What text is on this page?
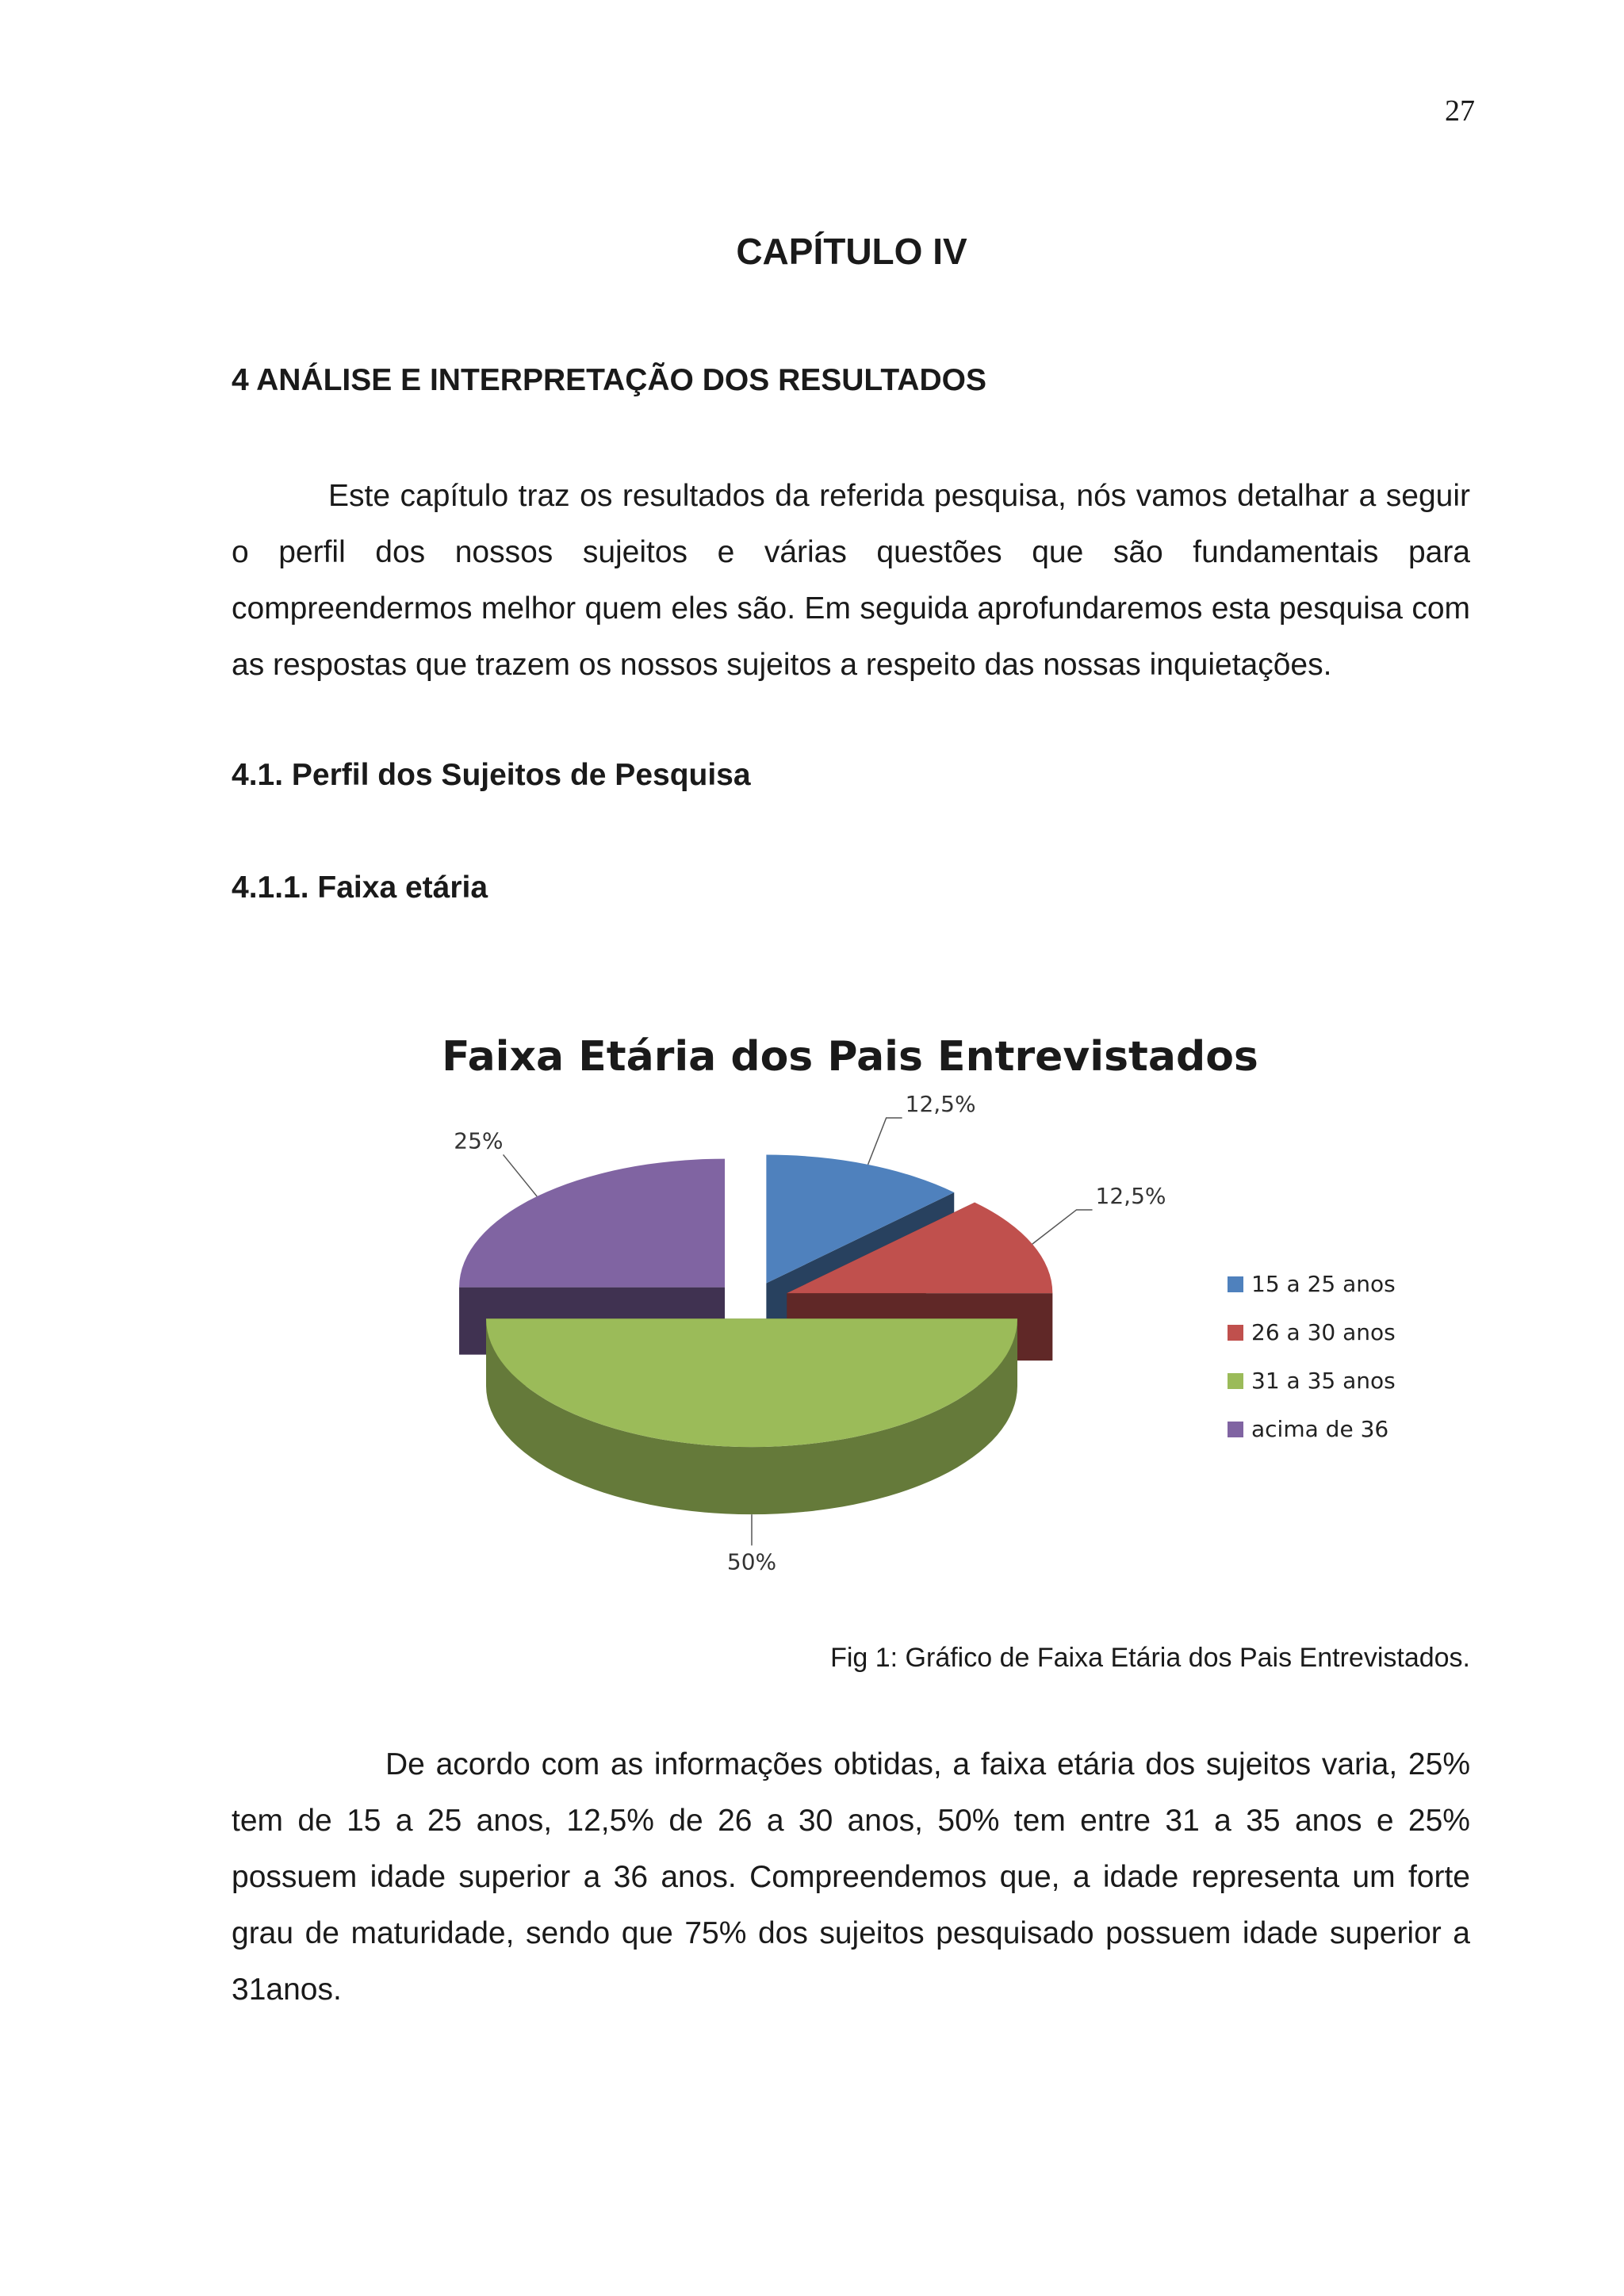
27
CAPÍTULO IV
4 ANÁLISE E INTERPRETAÇÃO DOS RESULTADOS

Este capítulo traz os resultados da referida pesquisa, nós vamos detalhar a seguir o perfil dos nossos sujeitos e várias questões que são fundamentais para compreendermos melhor quem eles são. Em seguida aprofundaremos esta pesquisa com as respostas que trazem os nossos sujeitos a respeito das nossas inquietações.

4.1. Perfil dos Sujeitos de Pesquisa
4.1.1. Faixa etária
Faixa Etária dos Pais Entrevistados
12,5%
12,5%
50%
25%
15 a 25 anos
26 a 30 anos
31 a 35 anos
acima de 36
Fig 1: Gráfico de Faixa Etária dos Pais Entrevistados.

De acordo com as informações obtidas, a faixa etária dos sujeitos varia, 25% tem de 15 a 25 anos, 12,5% de 26 a 30 anos, 50% tem entre 31 a 35 anos e 25% possuem idade superior a 36 anos. Compreendemos que, a idade representa um forte grau de maturidade, sendo que 75% dos sujeitos pesquisado possuem idade superior a 31anos.
